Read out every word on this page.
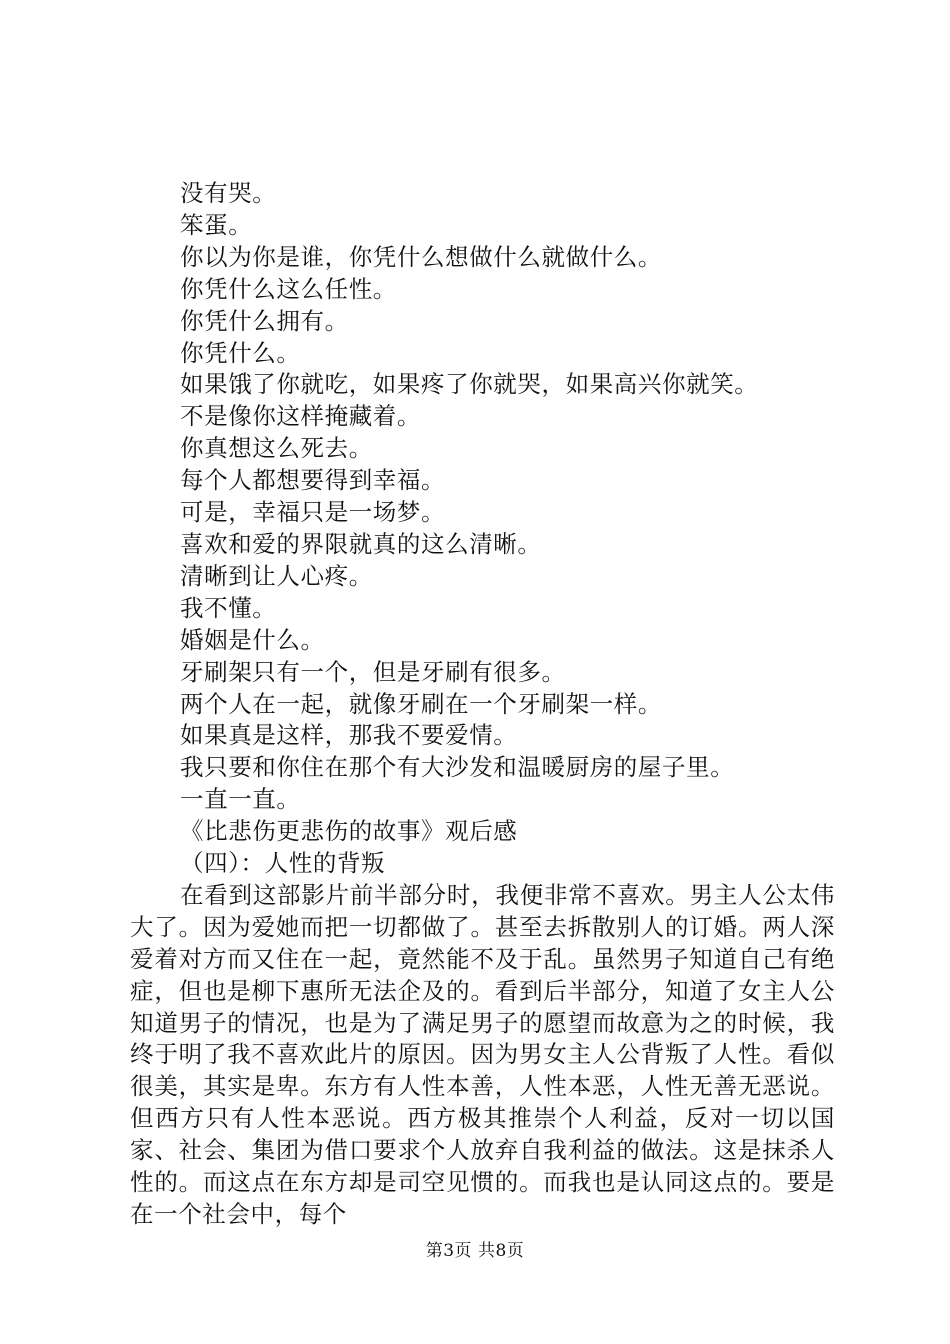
没有哭。
笨蛋。
你以为你是谁，你凭什么想做什么就做什么。
你凭什么这么任性。
你凭什么拥有。
你凭什么。
如果饿了你就吃，如果疼了你就哭，如果高兴你就笑。
不是像你这样掩藏着。
你真想这么死去。
每个人都想要得到幸福。
可是，幸福只是一场梦。
喜欢和爱的界限就真的这么清晰。
清晰到让人心疼。
我不懂。
婚姻是什么。
牙刷架只有一个，但是牙刷有很多。
两个人在一起，就像牙刷在一个牙刷架一样。
如果真是这样，那我不要爱情。
我只要和你住在那个有大沙发和温暖厨房的屋子里。
一直一直。
《比悲伤更悲伤的故事》观后感
（四）：人性的背叛

在看到这部影片前半部分时，我便非常不喜欢。男主人公太伟大了。因为爱她而把一切都做了。甚至去拆散别人的订婚。两人深爱着对方而又住在一起，竟然能不及于乱。虽然男子知道自己有绝症，但也是柳下惠所无法企及的。看到后半部分，知道了女主人公知道男子的情况，也是为了满足男子的愿望而故意为之的时候，我终于明了我不喜欢此片的原因。因为男女主人公背叛了人性。看似很美，其实是卑。东方有人性本善，人性本恶，人性无善无恶说。但西方只有人性本恶说。西方极其推崇个人利益，反对一切以国家、社会、集团为借口要求个人放弃自我利益的做法。这是抹杀人性的。而这点在东方却是司空见惯的。而我也是认同这点的。要是在一个社会中，每个

第3页 共8页
